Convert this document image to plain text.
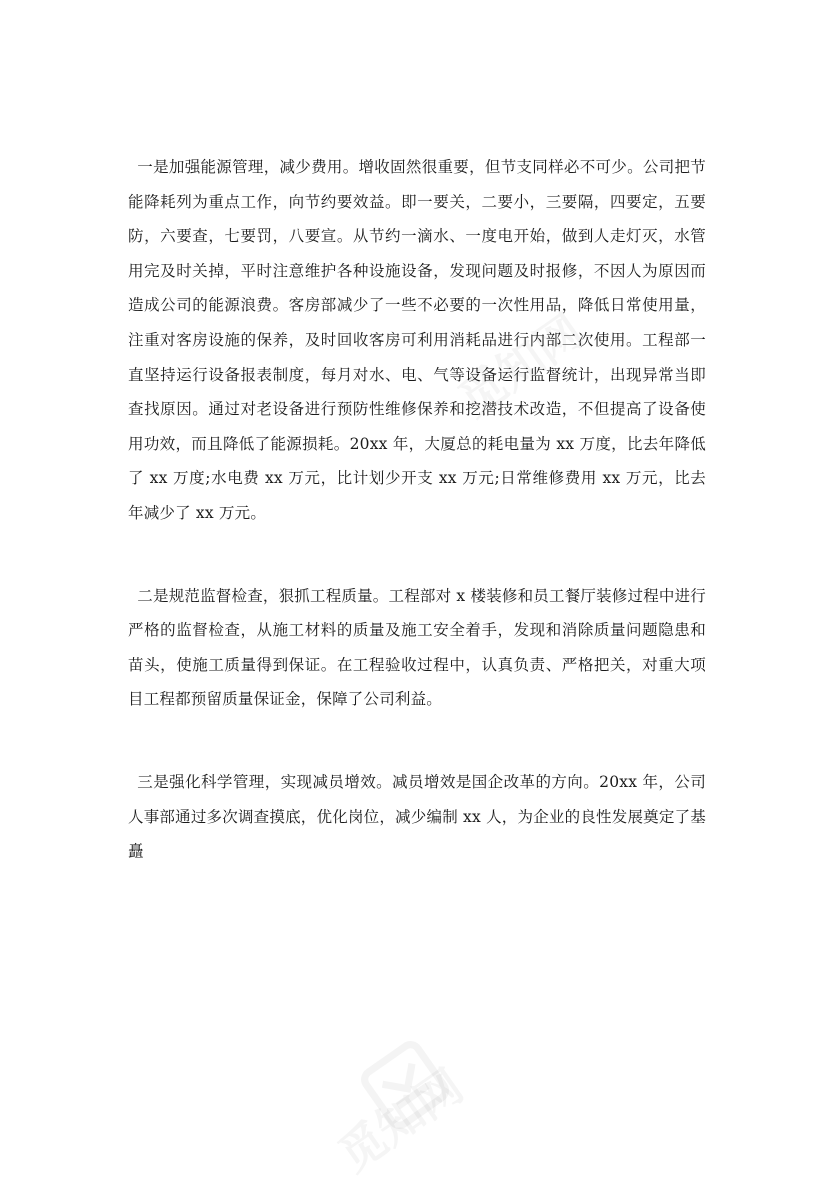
觅知网
觅知网

一是加强能源管理，减少费用。增收固然很重要，但节支同样必不可少。公司把节能降耗列为重点工作，向节约要效益。即一要关，二要小，三要隔，四要定，五要防，六要查，七要罚，八要宣。从节约一滴水、一度电开始，做到人走灯灭，水管用完及时关掉，平时注意维护各种设施设备，发现问题及时报修，不因人为原因而造成公司的能源浪费。客房部减少了一些不必要的一次性用品，降低日常使用量，注重对客房设施的保养，及时回收客房可利用消耗品进行内部二次使用。工程部一直坚持运行设备报表制度，每月对水、电、气等设备运行监督统计，出现异常当即查找原因。通过对老设备进行预防性维修保养和挖潜技术改造，不但提高了设备使用功效，而且降低了能源损耗。20xx 年，大厦总的耗电量为 xx 万度，比去年降低了 xx 万度;水电费 xx 万元，比计划少开支 xx 万元;日常维修费用 xx 万元，比去年减少了 xx 万元。

二是规范监督检查，狠抓工程质量。工程部对 x 楼装修和员工餐厅装修过程中进行严格的监督检查，从施工材料的质量及施工安全着手，发现和消除质量问题隐患和苗头，使施工质量得到保证。在工程验收过程中，认真负责、严格把关，对重大项目工程都预留质量保证金，保障了公司利益。

三是强化科学管理，实现减员增效。减员增效是国企改革的方向。20xx 年，公司人事部通过多次调查摸底，优化岗位，减少编制 xx 人，为企业的良性发展奠定了基矗
